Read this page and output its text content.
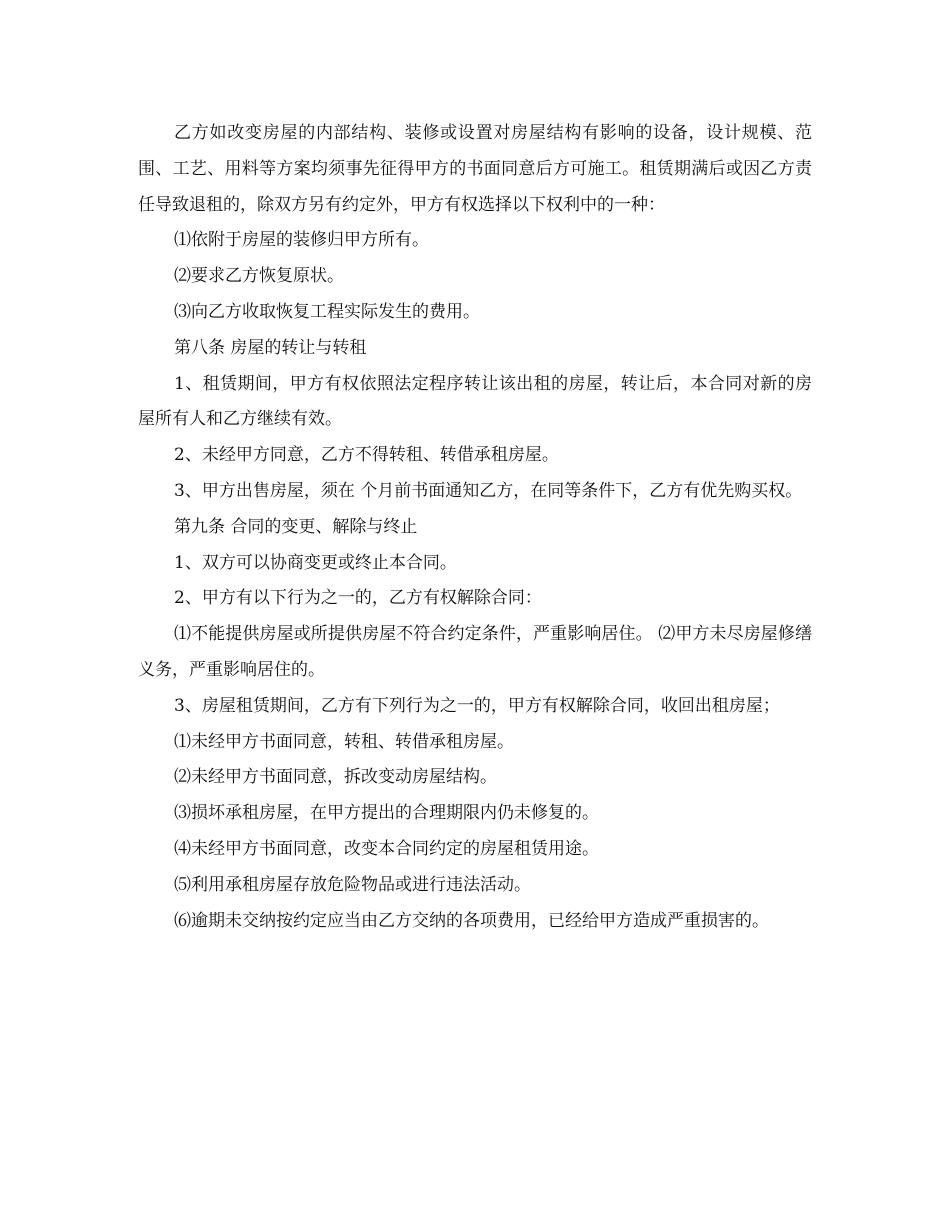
乙方如改变房屋的内部结构、装修或设置对房屋结构有影响的设备，设计规模、范围、工艺、用料等方案均须事先征得甲方的书面同意后方可施工。租赁期满后或因乙方责任导致退租的，除双方另有约定外，甲方有权选择以下权利中的一种：

⑴依附于房屋的装修归甲方所有。

⑵要求乙方恢复原状。

⑶向乙方收取恢复工程实际发生的费用。

第八条 房屋的转让与转租

1、租赁期间，甲方有权依照法定程序转让该出租的房屋，转让后，本合同对新的房屋所有人和乙方继续有效。

2、未经甲方同意，乙方不得转租、转借承租房屋。

3、甲方出售房屋，须在 个月前书面通知乙方，在同等条件下，乙方有优先购买权。

第九条 合同的变更、解除与终止

1、双方可以协商变更或终止本合同。

2、甲方有以下行为之一的，乙方有权解除合同：

⑴不能提供房屋或所提供房屋不符合约定条件，严重影响居住。 ⑵甲方未尽房屋修缮义务，严重影响居住的。

3、房屋租赁期间，乙方有下列行为之一的，甲方有权解除合同，收回出租房屋；

⑴未经甲方书面同意，转租、转借承租房屋。

⑵未经甲方书面同意，拆改变动房屋结构。

⑶损坏承租房屋，在甲方提出的合理期限内仍未修复的。

⑷未经甲方书面同意，改变本合同约定的房屋租赁用途。

⑸利用承租房屋存放危险物品或进行违法活动。

⑹逾期未交纳按约定应当由乙方交纳的各项费用，已经给甲方造成严重损害的。
